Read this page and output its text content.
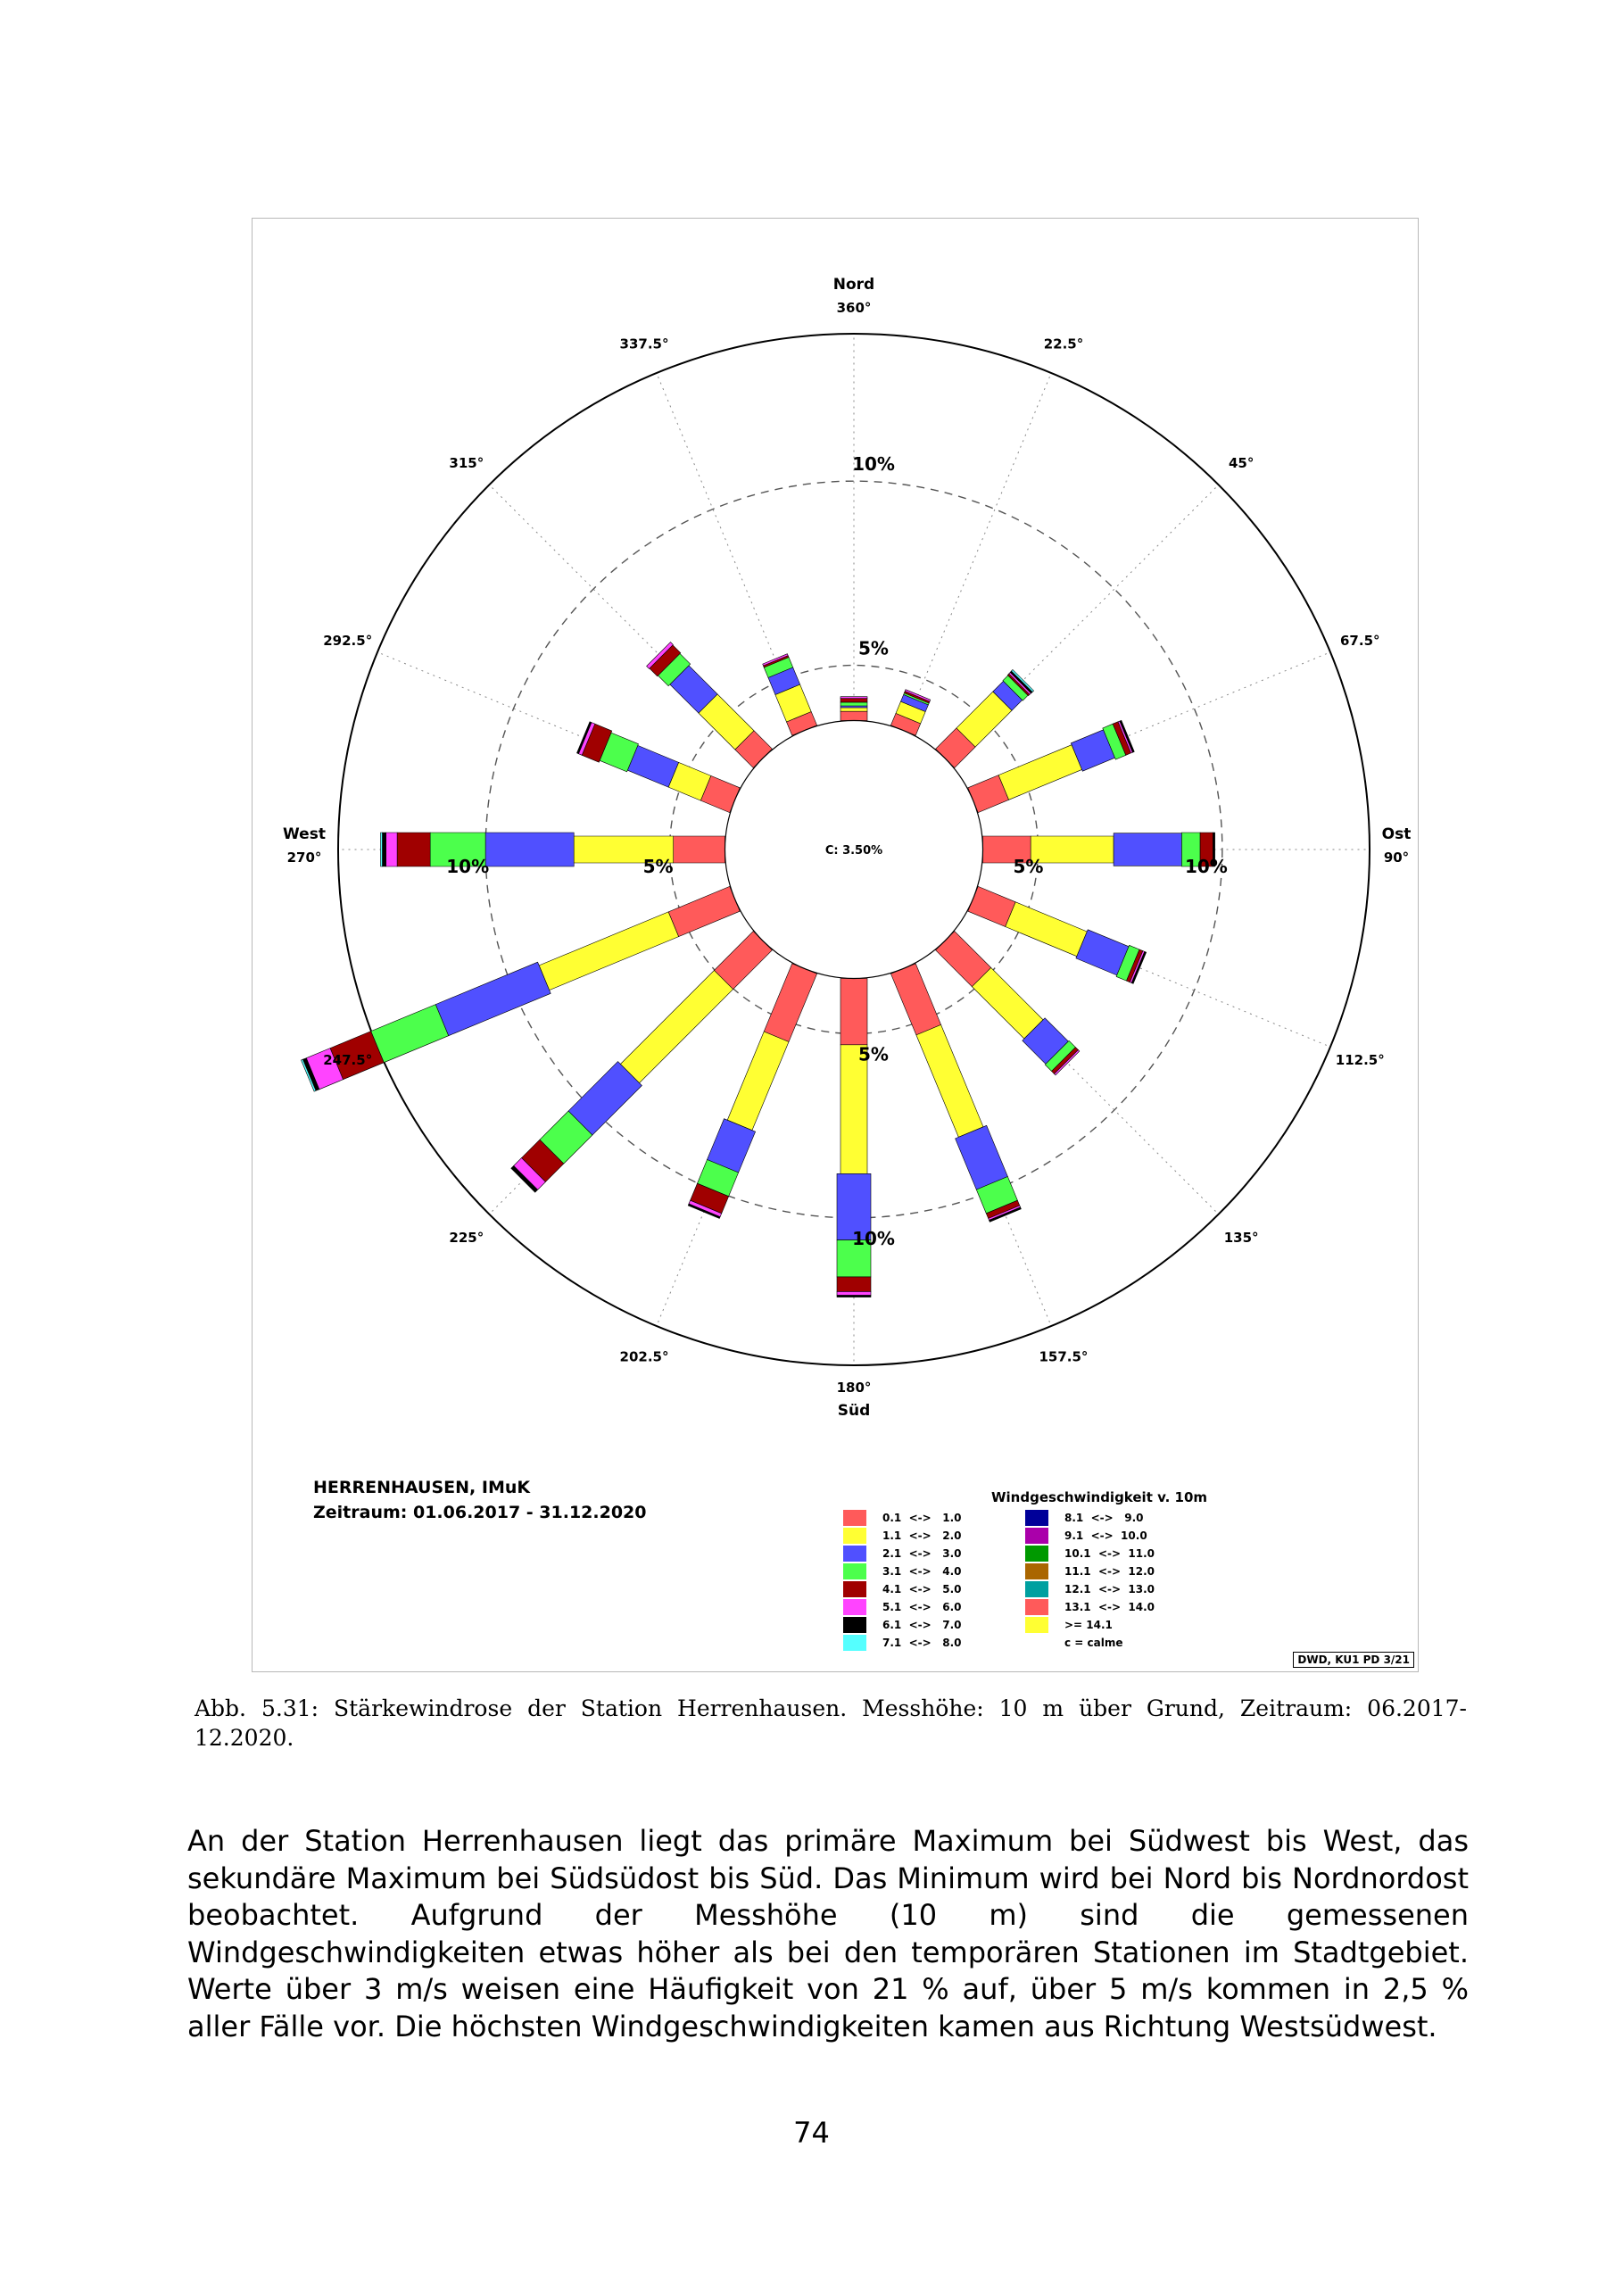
C: 3.50%
5%
5%
5%
5%
10%
10%
10%
10%
360°
22.5°
45°
67.5°
90°
112.5°
135°
157.5°
180°
202.5°
225°
247.5°
270°
292.5°
315°
337.5°
Nord
Süd
Ost
West
HERRENHAUSEN, IMuK
Zeitraum: 01.06.2017 - 31.12.2020
Windgeschwindigkeit v. 10m
0.1  <->   1.0
1.1  <->   2.0
2.1  <->   3.0
3.1  <->   4.0
4.1  <->   5.0
5.1  <->   6.0
6.1  <->   7.0
7.1  <->   8.0
8.1  <->   9.0
9.1  <->  10.0
10.1  <->  11.0
11.1  <->  12.0
12.1  <->  13.0
13.1  <->  14.0
>= 14.1
c = calme
DWD, KU1 PD 3/21
Abb. 5.31: Stärkewindrose der Station Herrenhausen. Messhöhe: 10 m über Grund, Zeitraum: 06.2017-12.2020.
An der Station Herrenhausen liegt das primäre Maximum bei Südwest bis West, das sekundäre Maximum bei Südsüdost bis Süd. Das Minimum wird bei Nord bis Nordnordost beobachtet. Aufgrund der Messhöhe (10 m) sind die gemessenen Windgeschwindigkeiten etwas höher als bei den temporären Stationen im Stadtgebiet. Werte über 3 m/s weisen eine Häufigkeit von 21 % auf, über 5 m/s kommen in 2,5 % aller Fälle vor. Die höchsten Windgeschwindigkeiten kamen aus Richtung Westsüdwest.
74
